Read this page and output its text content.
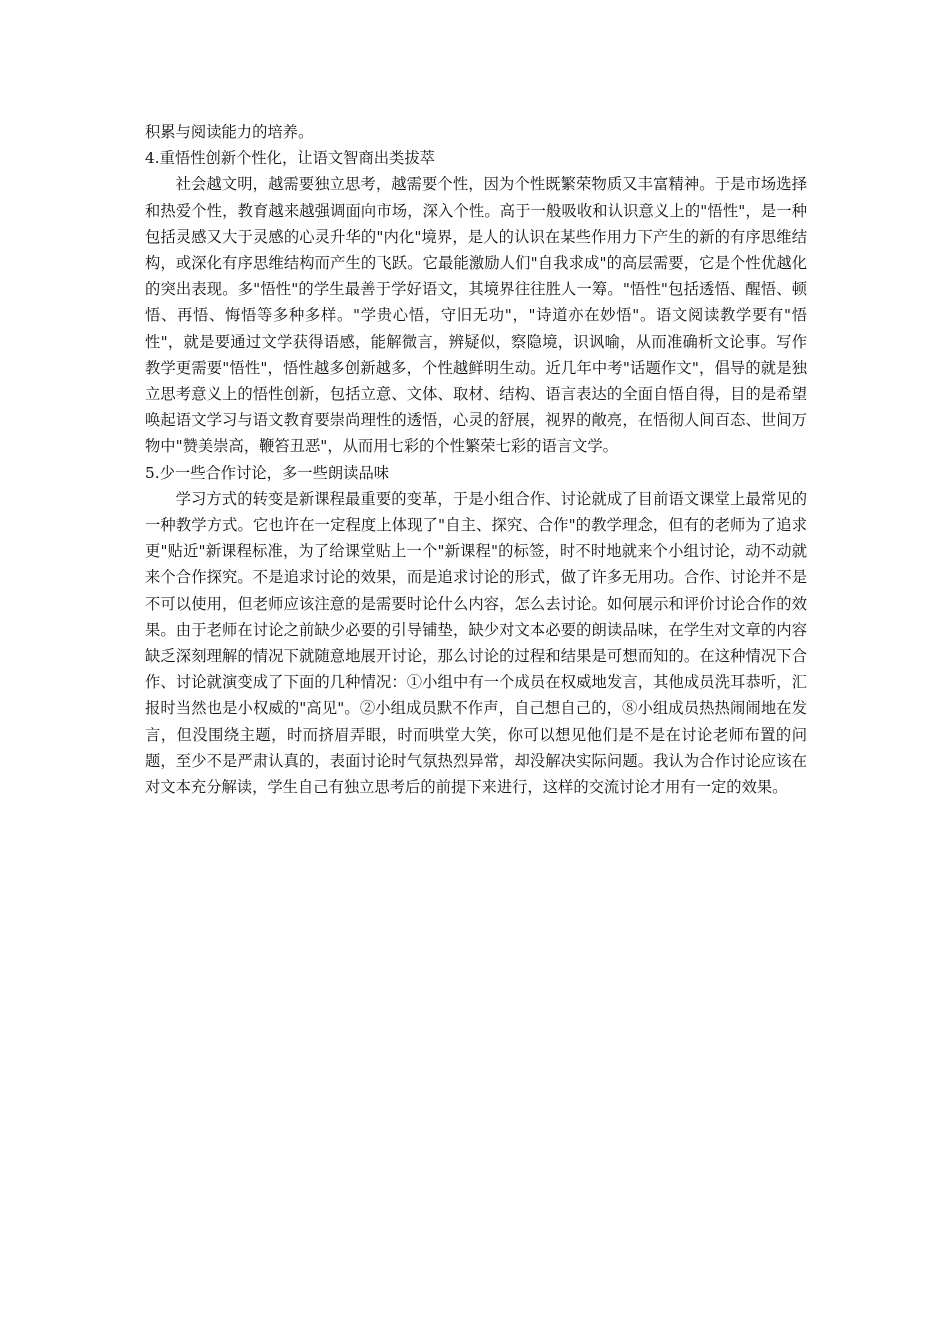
积累与阅读能力的培养。

4.重悟性创新个性化，让语文智商出类拔萃

社会越文明，越需要独立思考，越需要个性，因为个性既繁荣物质又丰富精神。于是市场选择和热爱个性，教育越来越强调面向市场，深入个性。高于一般吸收和认识意义上的"悟性"，是一种包括灵感又大于灵感的心灵升华的"内化"境界，是人的认识在某些作用力下产生的新的有序思维结构，或深化有序思维结构而产生的飞跃。它最能激励人们"自我求成"的高层需要，它是个性优越化的突出表现。多"悟性"的学生最善于学好语文，其境界往往胜人一筹。"悟性"包括透悟、醒悟、顿悟、再悟、悔悟等多种多样。"学贵心悟，守旧无功"，"诗道亦在妙悟"。语文阅读教学要有"悟性"，就是要通过文学获得语感，能解微言，辨疑似，察隐境，识讽喻，从而准确析文论事。写作教学更需要"悟性"，悟性越多创新越多，个性越鲜明生动。近几年中考"话题作文"，倡导的就是独立思考意义上的悟性创新，包括立意、文体、取材、结构、语言表达的全面自悟自得，目的是希望唤起语文学习与语文教育要崇尚理性的透悟，心灵的舒展，视界的敞亮，在悟彻人间百态、世间万物中"赞美崇高，鞭笞丑恶"，从而用七彩的个性繁荣七彩的语言文学。

5.少一些合作讨论，多一些朗读品味

学习方式的转变是新课程最重要的变革，于是小组合作、讨论就成了目前语文课堂上最常见的一种教学方式。它也许在一定程度上体现了"自主、探究、合作"的教学理念，但有的老师为了追求更"贴近"新课程标准，为了给课堂贴上一个"新课程"的标签，时不时地就来个小组讨论，动不动就来个合作探究。不是追求讨论的效果，而是追求讨论的形式，做了许多无用功。合作、讨论并不是不可以使用，但老师应该注意的是需要时论什么内容，怎么去讨论。如何展示和评价讨论合作的效果。由于老师在讨论之前缺少必要的引导铺垫，缺少对文本必要的朗读品味，在学生对文章的内容缺乏深刻理解的情况下就随意地展开讨论，那么讨论的过程和结果是可想而知的。在这种情况下合作、讨论就演变成了下面的几种情况：①小组中有一个成员在权威地发言，其他成员洗耳恭听，汇报时当然也是小权威的"高见"。②小组成员默不作声，自己想自己的，⑧小组成员热热闹闹地在发言，但没围绕主题，时而挤眉弄眼，时而哄堂大笑，你可以想见他们是不是在讨论老师布置的问题，至少不是严肃认真的，表面讨论时气氛热烈异常，却没解决实际问题。我认为合作讨论应该在对文本充分解读，学生自己有独立思考后的前提下来进行，这样的交流讨论才用有一定的效果。
